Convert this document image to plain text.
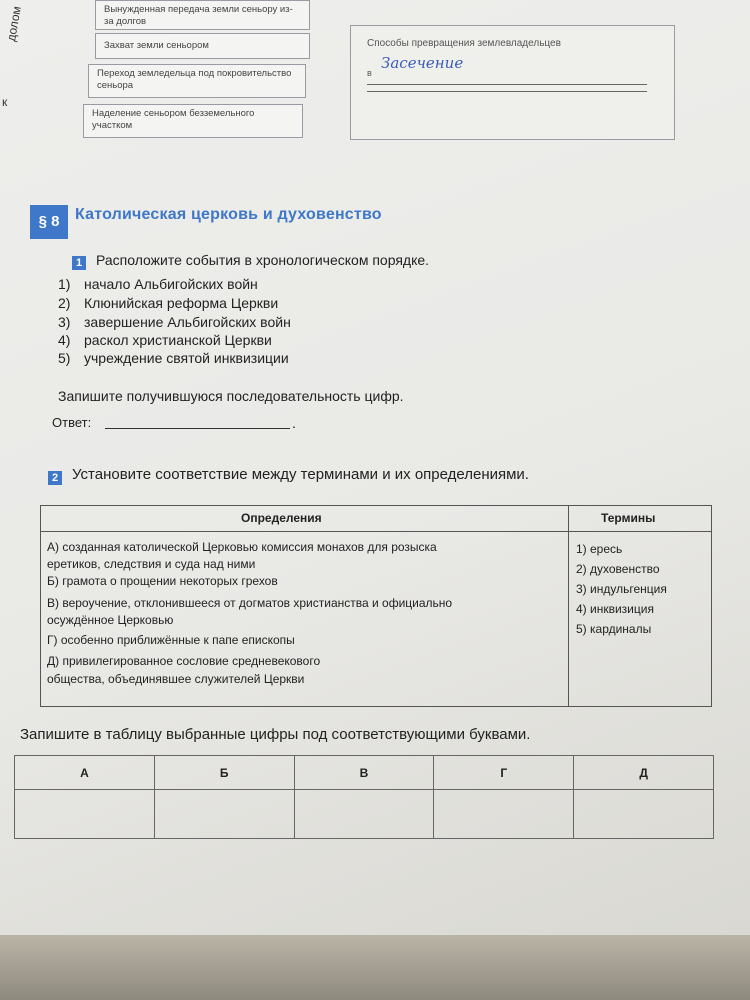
долом
к
Вынужденная передача земли сеньору из-за долгов
Захват земли сеньором
Переход земледельца под покровительство сеньора
Наделение сеньором безземельного участком
Способы превращения землевладельцев
в
Засечение
§ 8 Католическая церковь и духовенство
1 Расположите события в хронологическом порядке.
1) начало Альбигойских войн
2) Клюнийская реформа Церкви
3) завершение Альбигойских войн
4) раскол христианской Церкви
5) учреждение святой инквизиции
Запишите получившуюся последовательность цифр.
Ответ:	.
2 Установите соответствие между терминами и их определениями.
Определения	Термины
А) созданная католической Церковью комиссия монахов для розыска
еретиков, следствия и суда над ними
Б) грамота о прощении некоторых грехов
В) вероучение, отклонившееся от догматов христианства и официально
осуждённое Церковью
Г) особенно приближённые к папе епископы
Д) привилегированное сословие средневекового
общества, объединявшее служителей Церкви
1) ересь
2) духовенство
3) индульгенция
4) инквизиция
5) кардиналы
Запишите в таблицу выбранные цифры под соответствующими буквами.
А	Б	В	Г	Д
